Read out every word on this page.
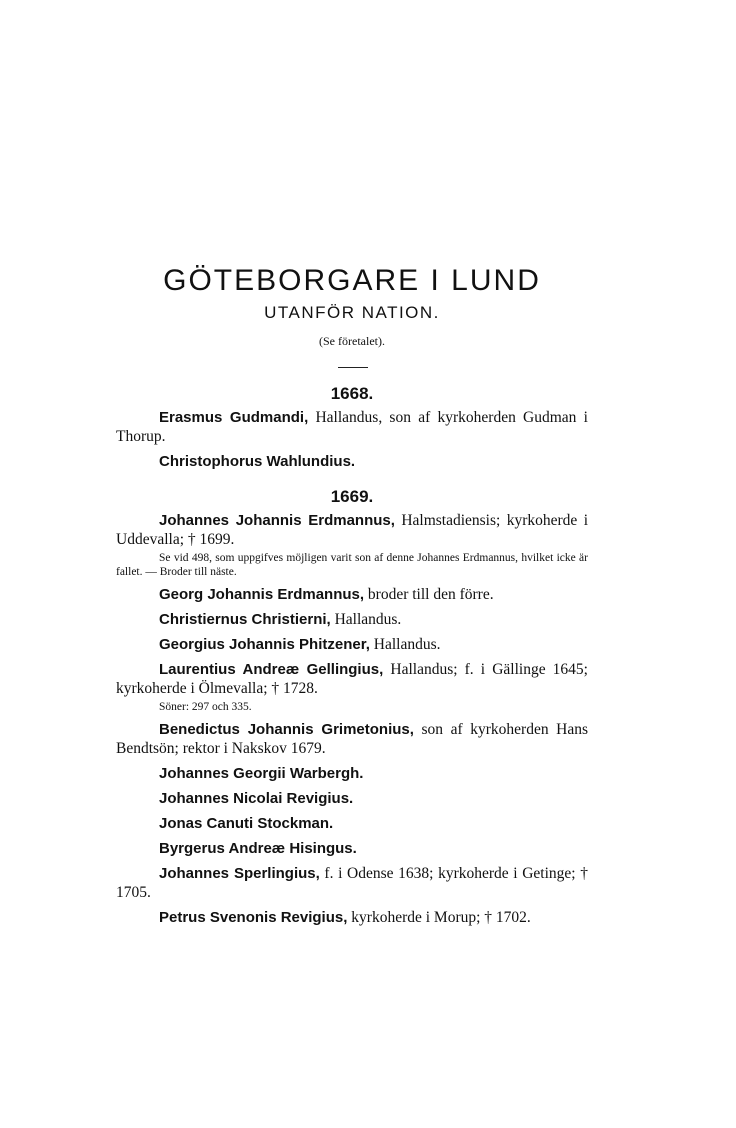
GÖTEBORGARE I LUND
UTANFÖR NATION.
(Se företalet).
1668.

Erasmus Gudmandi, Hallandus, son af kyrkoherden Gudman i Thorup.

Christophorus Wahlundius.

1669.

Johannes Johannis Erdmannus, Halmstadiensis; kyrkoherde i Uddevalla; † 1699.

Se vid 498, som uppgifves möjligen varit son af denne Johannes Erdmannus, hvilket icke är fallet. — Broder till näste.

Georg Johannis Erdmannus, broder till den förre.

Christiernus Christierni, Hallandus.

Georgius Johannis Phitzener, Hallandus.

Laurentius Andreæ Gellingius, Hallandus; f. i Gällinge 1645; kyrkoherde i Ölmevalla; † 1728.

Söner: 297 och 335.

Benedictus Johannis Grimetonius, son af kyrkoherden Hans Bendtsön; rektor i Nakskov 1679.

Johannes Georgii Warbergh.

Johannes Nicolai Revigius.

Jonas Canuti Stockman.

Byrgerus Andreæ Hisingus.

Johannes Sperlingius, f. i Odense 1638; kyrkoherde i Getinge; † 1705.

Petrus Svenonis Revigius, kyrkoherde i Morup; † 1702.
